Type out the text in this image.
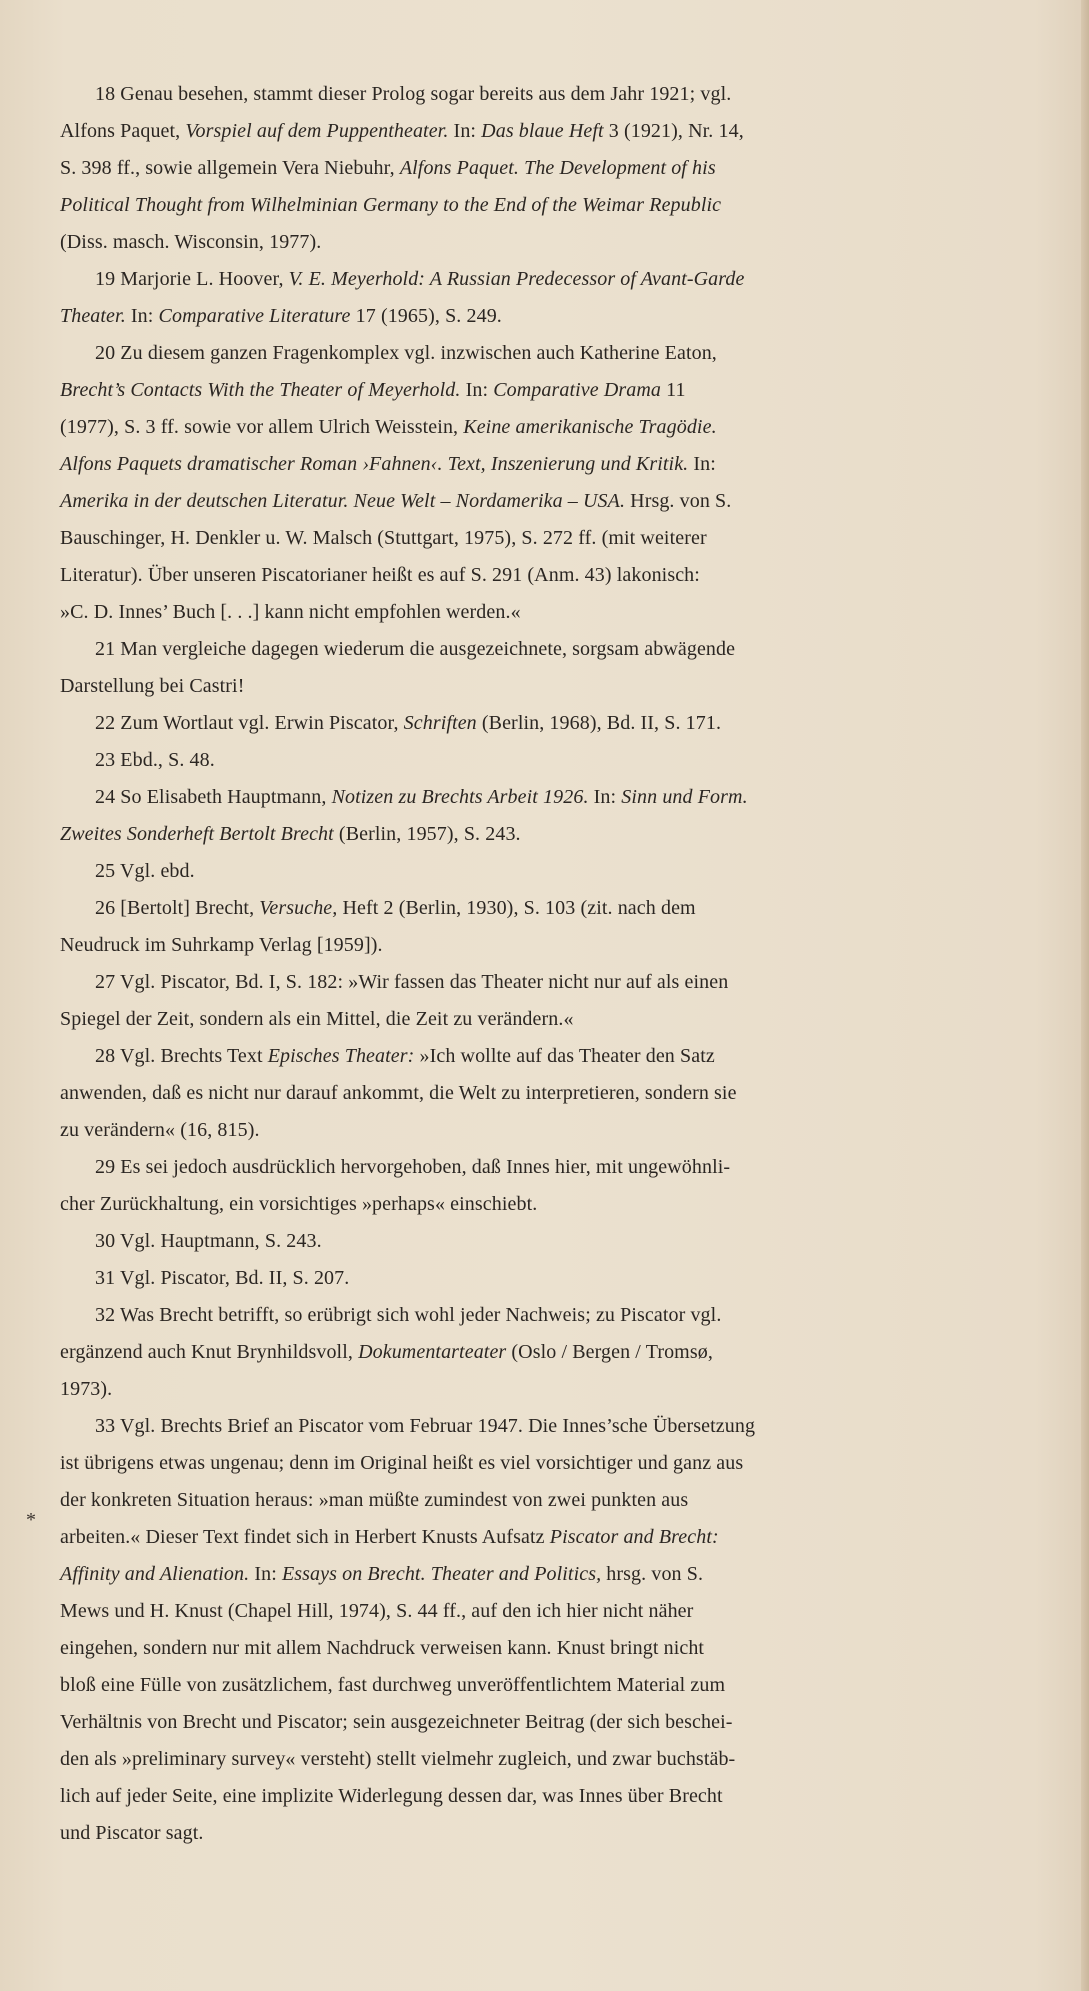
18 Genau besehen, stammt dieser Prolog sogar bereits aus dem Jahr 1921; vgl.
Alfons Paquet, Vorspiel auf dem Puppentheater. In: Das blaue Heft 3 (1921), Nr. 14,
S. 398 ff., sowie allgemein Vera Niebuhr, Alfons Paquet. The Development of his
Political Thought from Wilhelminian Germany to the End of the Weimar Republic
(Diss. masch. Wisconsin, 1977).
19 Marjorie L. Hoover, V. E. Meyerhold: A Russian Predecessor of Avant-Garde
Theater. In: Comparative Literature 17 (1965), S. 249.
20 Zu diesem ganzen Fragenkomplex vgl. inzwischen auch Katherine Eaton,
Brecht’s Contacts With the Theater of Meyerhold. In: Comparative Drama 11
(1977), S. 3 ff. sowie vor allem Ulrich Weisstein, Keine amerikanische Tragödie.
Alfons Paquets dramatischer Roman ›Fahnen‹. Text, Inszenierung und Kritik. In:
Amerika in der deutschen Literatur. Neue Welt – Nordamerika – USA. Hrsg. von S.
Bauschinger, H. Denkler u. W. Malsch (Stuttgart, 1975), S. 272 ff. (mit weiterer
Literatur). Über unseren Piscatorianer heißt es auf S. 291 (Anm. 43) lakonisch:
»C. D. Innes’ Buch [. . .] kann nicht empfohlen werden.«
21 Man vergleiche dagegen wiederum die ausgezeichnete, sorgsam abwägende
Darstellung bei Castri!
22 Zum Wortlaut vgl. Erwin Piscator, Schriften (Berlin, 1968), Bd. II, S. 171.
23 Ebd., S. 48.
24 So Elisabeth Hauptmann, Notizen zu Brechts Arbeit 1926. In: Sinn und Form.
Zweites Sonderheft Bertolt Brecht (Berlin, 1957), S. 243.
25 Vgl. ebd.
26 [Bertolt] Brecht, Versuche, Heft 2 (Berlin, 1930), S. 103 (zit. nach dem
Neudruck im Suhrkamp Verlag [1959]).
27 Vgl. Piscator, Bd. I, S. 182: »Wir fassen das Theater nicht nur auf als einen
Spiegel der Zeit, sondern als ein Mittel, die Zeit zu verändern.«
28 Vgl. Brechts Text Episches Theater: »Ich wollte auf das Theater den Satz
anwenden, daß es nicht nur darauf ankommt, die Welt zu interpretieren, sondern sie
zu verändern« (16, 815).
29 Es sei jedoch ausdrücklich hervorgehoben, daß Innes hier, mit ungewöhnli-
cher Zurückhaltung, ein vorsichtiges »perhaps« einschiebt.
30 Vgl. Hauptmann, S. 243.
31 Vgl. Piscator, Bd. II, S. 207.
32 Was Brecht betrifft, so erübrigt sich wohl jeder Nachweis; zu Piscator vgl.
ergänzend auch Knut Brynhildsvoll, Dokumentarteater (Oslo / Bergen / Tromsø,
1973).
33 Vgl. Brechts Brief an Piscator vom Februar 1947. Die Innes’sche Übersetzung
ist übrigens etwas ungenau; denn im Original heißt es viel vorsichtiger und ganz aus
der konkreten Situation heraus: »man müßte zumindest von zwei punkten aus
arbeiten.« Dieser Text findet sich in Herbert Knusts Aufsatz Piscator and Brecht:
Affinity and Alienation. In: Essays on Brecht. Theater and Politics, hrsg. von S.
Mews und H. Knust (Chapel Hill, 1974), S. 44 ff., auf den ich hier nicht näher
eingehen, sondern nur mit allem Nachdruck verweisen kann. Knust bringt nicht
bloß eine Fülle von zusätzlichem, fast durchweg unveröffentlichtem Material zum
Verhältnis von Brecht und Piscator; sein ausgezeichneter Beitrag (der sich beschei-
den als »preliminary survey« versteht) stellt vielmehr zugleich, und zwar buchstäb-
lich auf jeder Seite, eine implizite Widerlegung dessen dar, was Innes über Brecht
und Piscator sagt.
*
